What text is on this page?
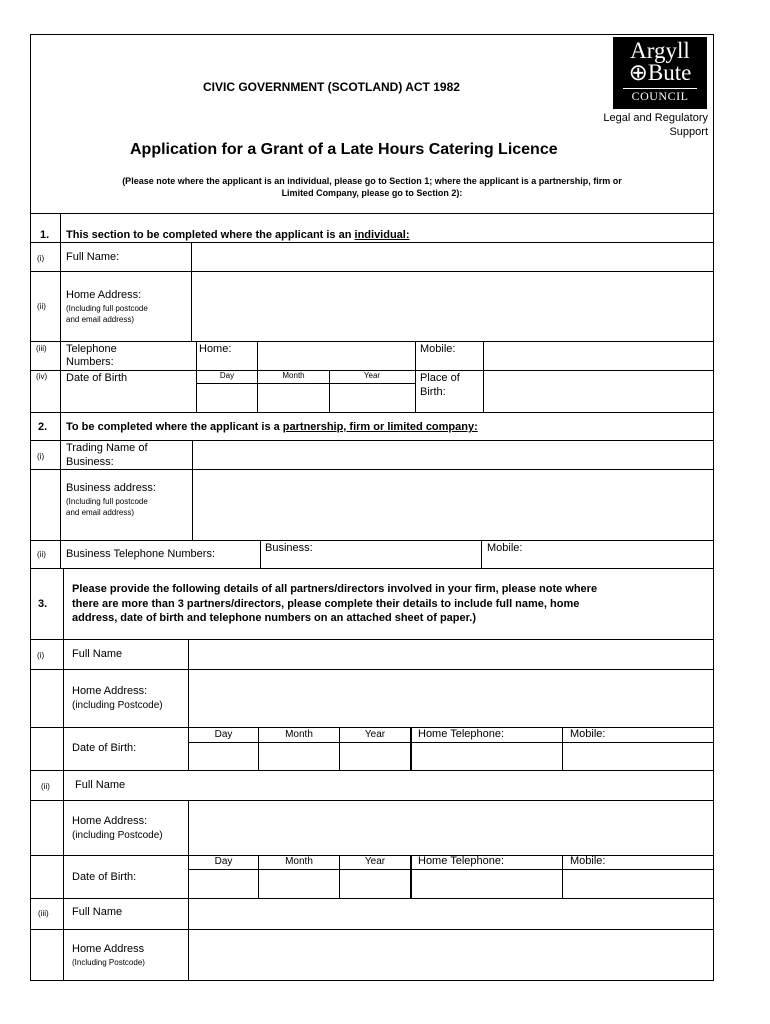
CIVIC GOVERNMENT (SCOTLAND) ACT 1982
Argyll
⊕Bute
COUNCIL
Legal and Regulatory
Support
Application for a Grant of a Late Hours Catering Licence
(Please note where the applicant is an individual, please go to Section 1; where the applicant is a partnership, firm or
Limited Company, please go to Section 2):
1. This section to be completed where the applicant is an individual:
(i) Full Name:
(ii)
Home Address:
(Including full postcode
and email address)
(iii) Telephone
Numbers:
Home:	Mobile:
(iv) Date of Birth	Day	Month	Year	Place of
Birth:
2. To be completed where the applicant is a partnership, firm or limited company:
(i)
Trading Name of
Business:
Business address:
(Including full postcode
and email address)
(ii) Business Telephone Numbers:	Business:	Mobile:
3.
Please provide the following details of all partners/directors involved in your firm, please note where
there are more than 3 partners/directors, please complete their details to include full name, home
address, date of birth and telephone numbers on an attached sheet of paper.)
(i)	Full Name
Home Address:
(including Postcode)
Date of Birth:
Day	Month	Year	Home Telephone:	Mobile:
(ii) Full Name
Home Address:
(including Postcode)
Date of Birth:
Day	Month	Year	Home Telephone:	Mobile:
(iii) Full Name
Home Address
(Including Postcode)
